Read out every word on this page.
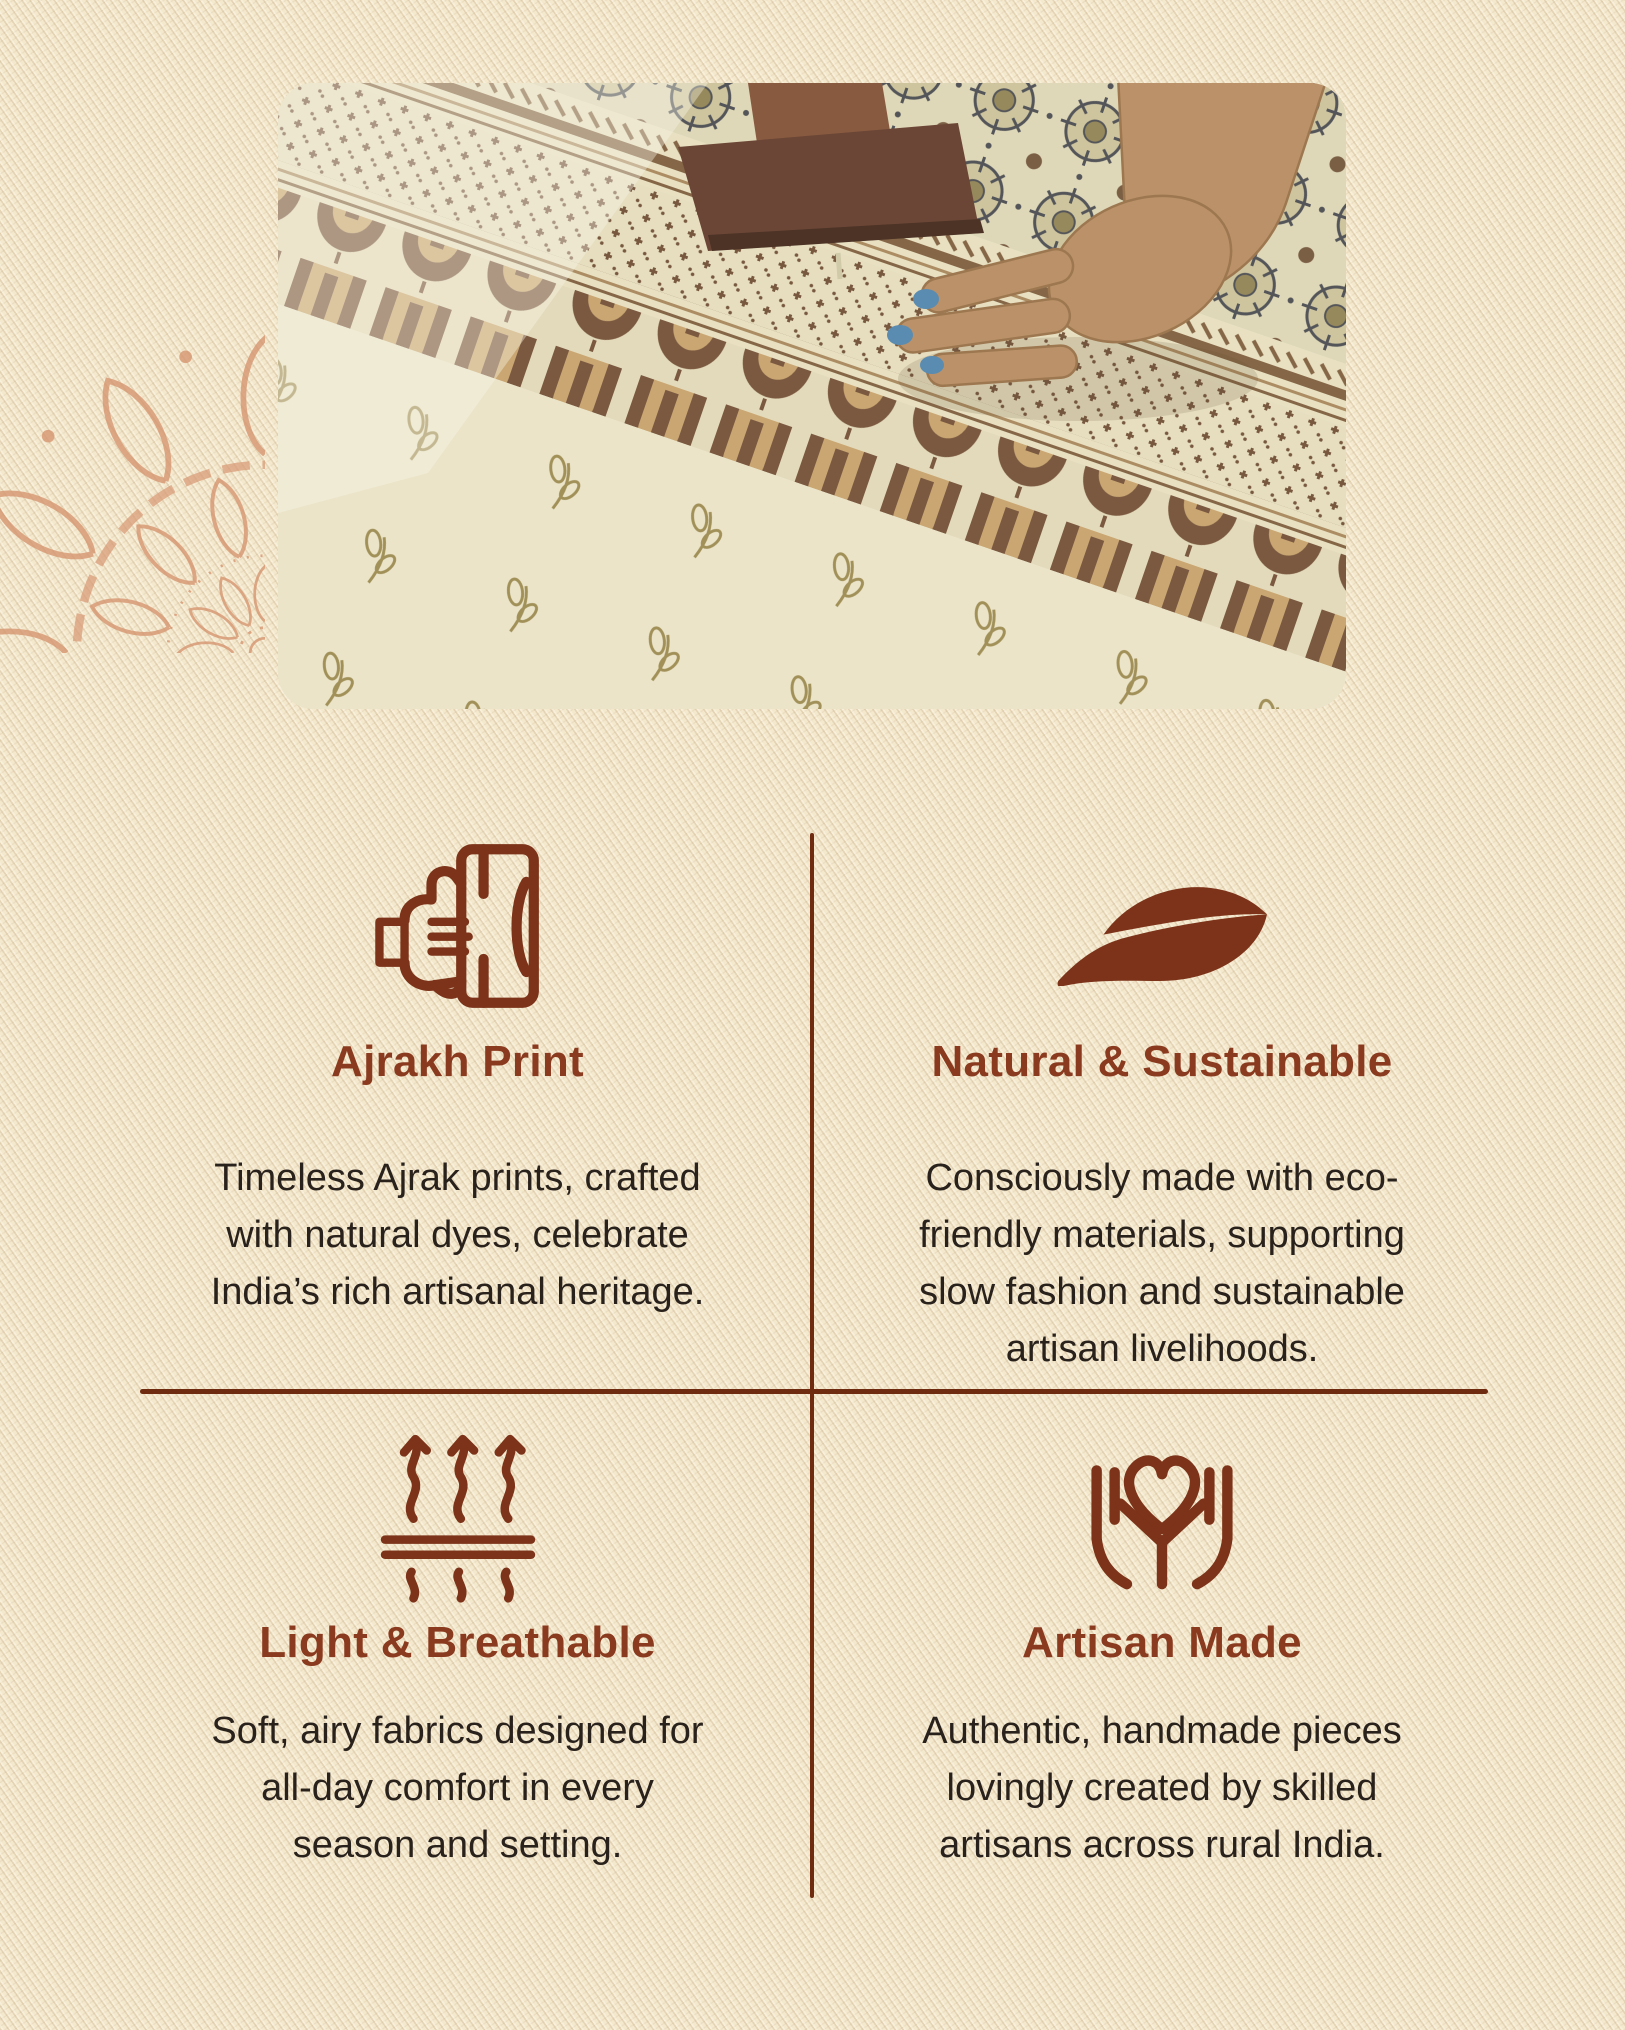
Ajrakh Print

Timeless Ajrak prints, crafted
with natural dyes, celebrate
India’s rich artisanal heritage.

Natural & Sustainable

Consciously made with eco-
friendly materials, supporting
slow fashion and sustainable
artisan livelihoods.

Light & Breathable

Soft, airy fabrics designed for
all-day comfort in every
season and setting.

Artisan Made

Authentic, handmade pieces
lovingly created by skilled
artisans across rural India.
